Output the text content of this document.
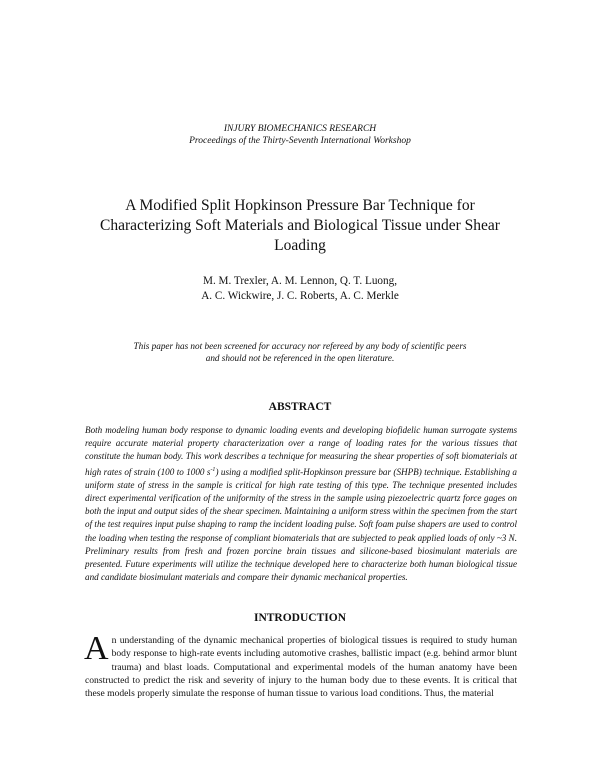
INJURY BIOMECHANICS RESEARCH
Proceedings of the Thirty-Seventh International Workshop
A Modified Split Hopkinson Pressure Bar Technique for Characterizing Soft Materials and Biological Tissue under Shear Loading
M. M. Trexler, A. M. Lennon, Q. T. Luong,
A. C. Wickwire, J. C. Roberts, A. C. Merkle
This paper has not been screened for accuracy nor refereed by any body of scientific peers
and should not be referenced in the open literature.
ABSTRACT
Both modeling human body response to dynamic loading events and developing biofidelic human surrogate systems require accurate material property characterization over a range of loading rates for the various tissues that constitute the human body. This work describes a technique for measuring the shear properties of soft biomaterials at high rates of strain (100 to 1000 $s^{-1}$) using a modified split-Hopkinson pressure bar (SHPB) technique. Establishing a uniform state of stress in the sample is critical for high rate testing of this type. The technique presented includes direct experimental verification of the uniformity of the stress in the sample using piezoelectric quartz force gages on both the input and output sides of the shear specimen. Maintaining a uniform stress within the specimen from the start of the test requires input pulse shaping to ramp the incident loading pulse. Soft foam pulse shapers are used to control the loading when testing the response of compliant biomaterials that are subjected to peak applied loads of only ~3 N. Preliminary results from fresh and frozen porcine brain tissues and silicone-based biosimulant materials are presented. Future experiments will utilize the technique developed here to characterize both human biological tissue and candidate biosimulant materials and compare their dynamic mechanical properties.
INTRODUCTION
An understanding of the dynamic mechanical properties of biological tissues is required to study human body response to high-rate events including automotive crashes, ballistic impact (e.g. behind armor blunt trauma) and blast loads. Computational and experimental models of the human anatomy have been constructed to predict the risk and severity of injury to the human body due to these events. It is critical that these models properly simulate the response of human tissue to various load conditions. Thus, the material
